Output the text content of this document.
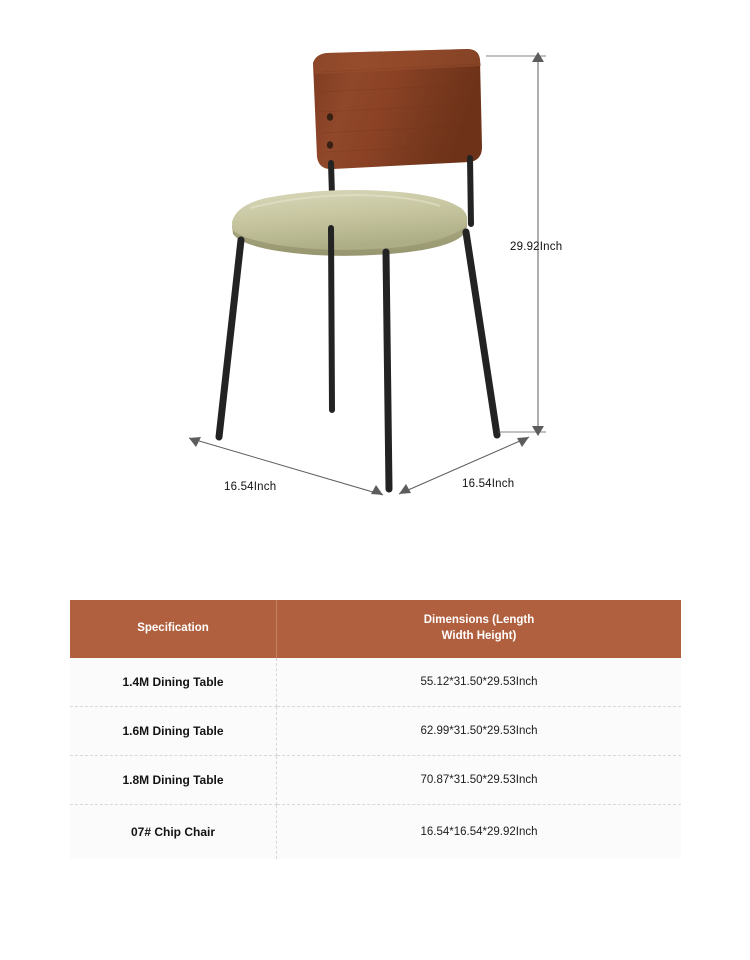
29.92Inch
16.54Inch	16.54Inch
Specification	Dimensions (Length
Width Height)
1.4M Dining Table	55.12*31.50*29.53Inch
1.6M Dining Table	62.99*31.50*29.53Inch
1.8M Dining Table	70.87*31.50*29.53Inch
07# Chip Chair	16.54*16.54*29.92Inch
